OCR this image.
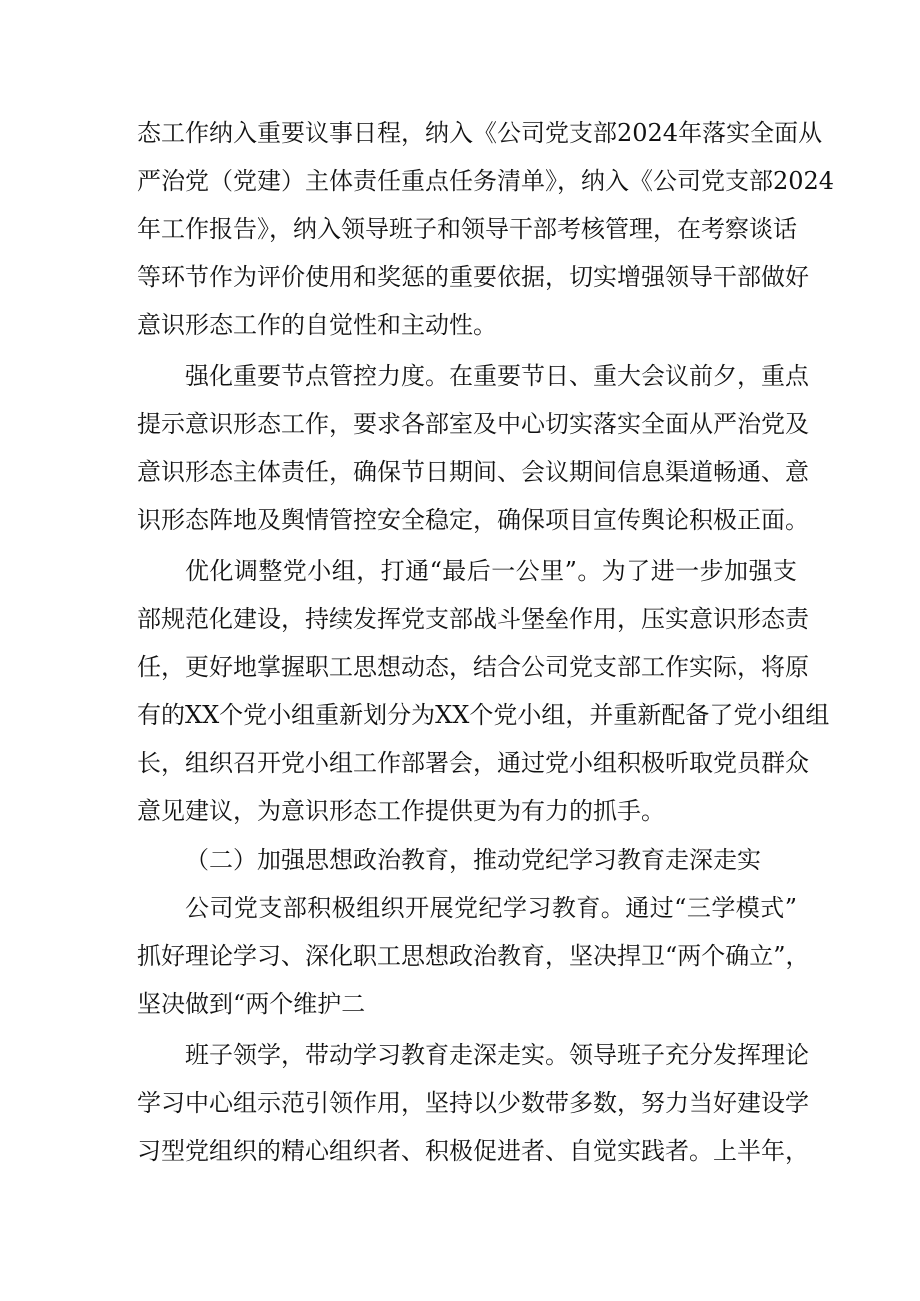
态工作纳入重要议事日程，纳入《公司党支部2024年落实全面从
严治党（党建）主体责任重点任务清单》，纳入《公司党支部2024
年工作报告》，纳入领导班子和领导干部考核管理，在考察谈话
等环节作为评价使用和奖惩的重要依据，切实增强领导干部做好
意识形态工作的自觉性和主动性。
强化重要节点管控力度。在重要节日、重大会议前夕，重点
提示意识形态工作，要求各部室及中心切实落实全面从严治党及
意识形态主体责任，确保节日期间、会议期间信息渠道畅通、意
识形态阵地及舆情管控安全稳定，确保项目宣传舆论积极正面。
优化调整党小组，打通“最后一公里”。为了进一步加强支
部规范化建设，持续发挥党支部战斗堡垒作用，压实意识形态责
任，更好地掌握职工思想动态，结合公司党支部工作实际，将原
有的XX个党小组重新划分为XX个党小组，并重新配备了党小组组
长，组织召开党小组工作部署会，通过党小组积极听取党员群众
意见建议，为意识形态工作提供更为有力的抓手。
（二）加强思想政治教育，推动党纪学习教育走深走实
公司党支部积极组织开展党纪学习教育。通过“三学模式”
抓好理论学习、深化职工思想政治教育，坚决捍卫“两个确立”，
坚决做到“两个维护二
班子领学，带动学习教育走深走实。领导班子充分发挥理论
学习中心组示范引领作用，坚持以少数带多数，努力当好建设学
习型党组织的精心组织者、积极促进者、自觉实践者。上半年，
